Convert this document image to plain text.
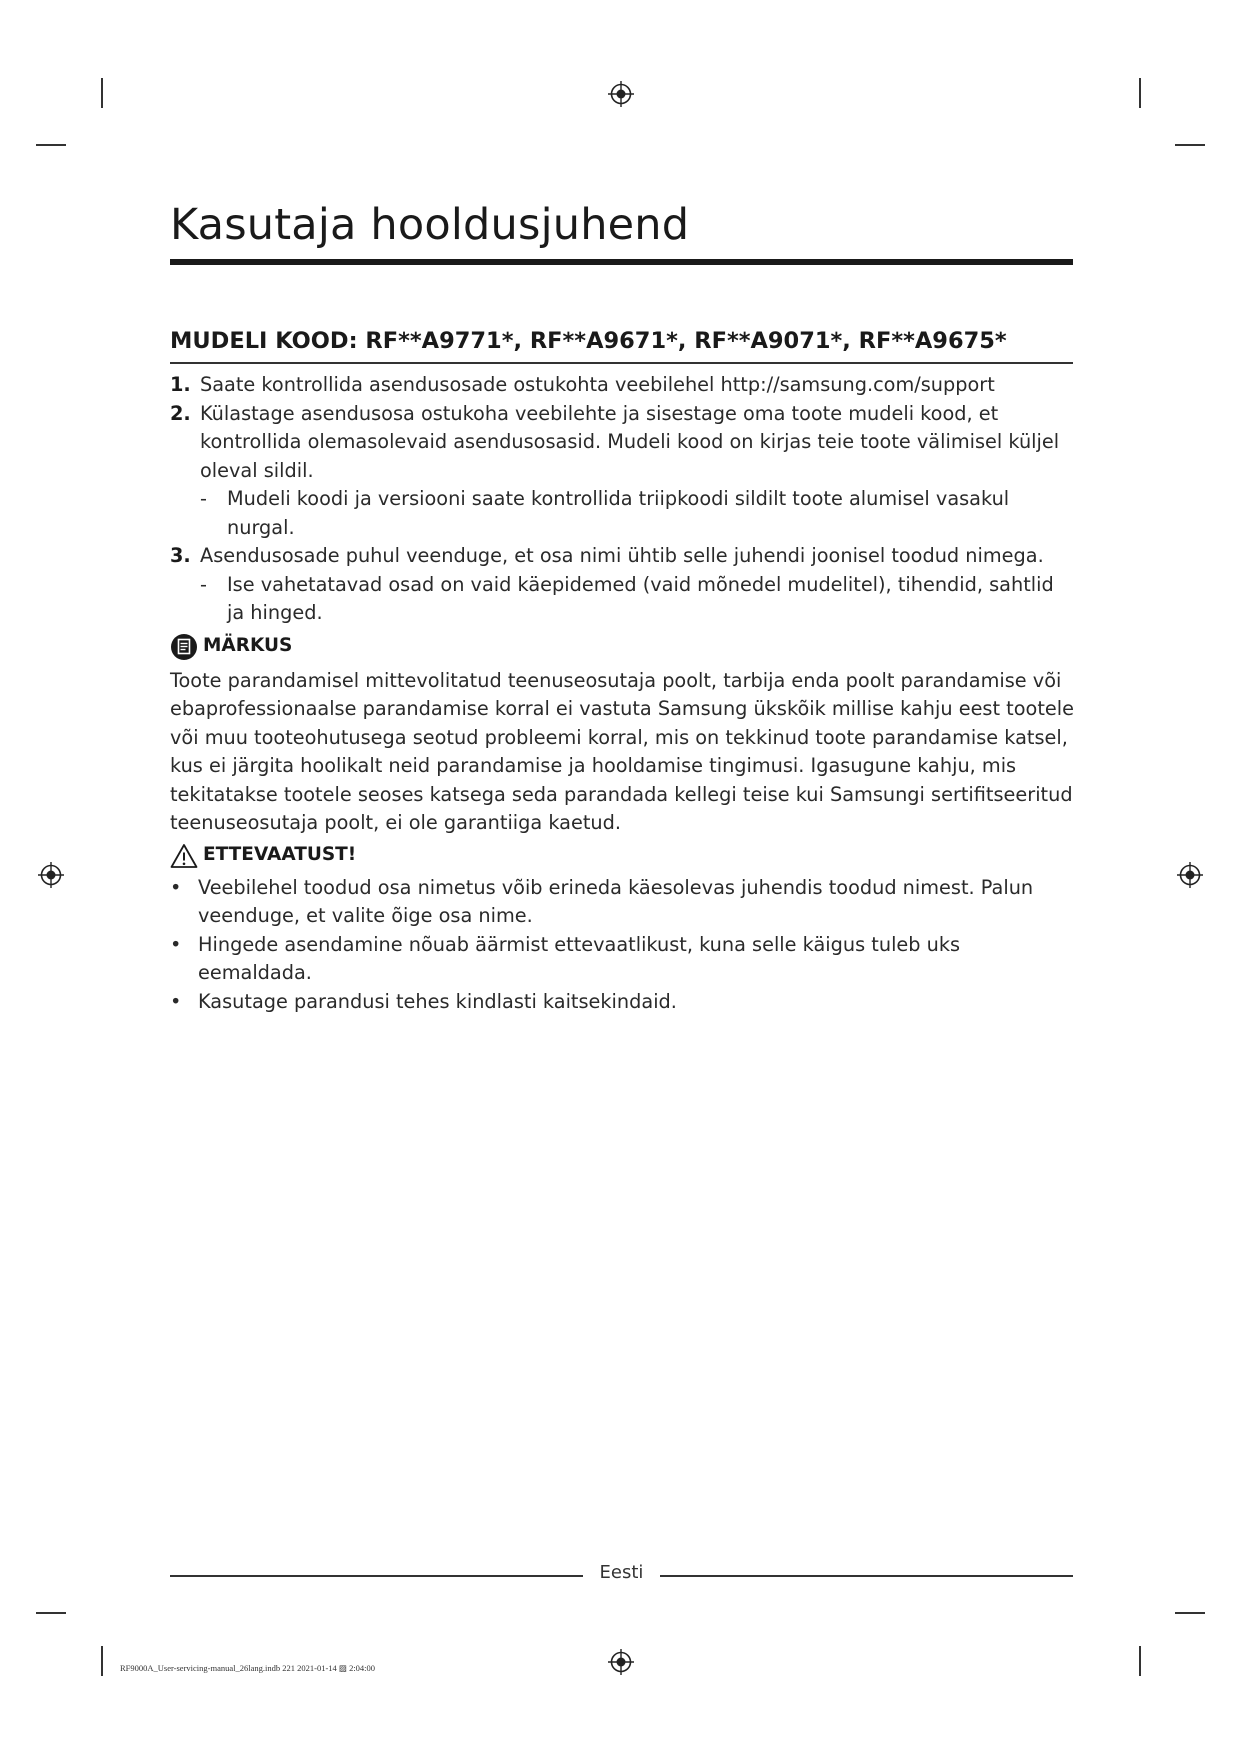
Kasutaja hooldusjuhend
MUDELI KOOD: RF**A9771*, RF**A9671*, RF**A9071*, RF**A9675*
1. Saate kontrollida asendusosade ostukohta veebilehel http://samsung.com/support
2. Külastage asendusosa ostukoha veebilehte ja sisestage oma toote mudeli kood, et kontrollida olemasolevaid asendusosasid. Mudeli kood on kirjas teie toote välimisel küljel oleval sildil.
- Mudeli koodi ja versiooni saate kontrollida triipkoodi sildilt toote alumisel vasakul nurgal.
3. Asendusosade puhul veenduge, et osa nimi ühtib selle juhendi joonisel toodud nimega.
- Ise vahetatavad osad on vaid käepidemed (vaid mõnedel mudelitel), tihendid, sahtlid ja hinged.
MÄRKUS
Toote parandamisel mittevolitatud teenuseosutaja poolt, tarbija enda poolt parandamise või ebaprofessionaalse parandamise korral ei vastuta Samsung ükskõik millise kahju eest tootele või muu tooteohutusega seotud probleemi korral, mis on tekkinud toote parandamise katsel, kus ei järgita hoolikalt neid parandamise ja hooldamise tingimusi. Igasugune kahju, mis tekitatakse tootele seoses katsega seda parandada kellegi teise kui Samsungi sertifitseeritud teenuseosutaja poolt, ei ole garantiiga kaetud.
ETTEVAATUST!
• Veebilehel toodud osa nimetus võib erineda käesolevas juhendis toodud nimest. Palun veenduge, et valite õige osa nime.
• Hingede asendamine nõuab äärmist ettevaatlikust, kuna selle käigus tuleb uks eemaldada.
• Kasutage parandusi tehes kindlasti kaitsekindaid.
Eesti
RF9000A_User-servicing-manual_26lang.indb 221 2021-01-14 ▨ 2:04:00
